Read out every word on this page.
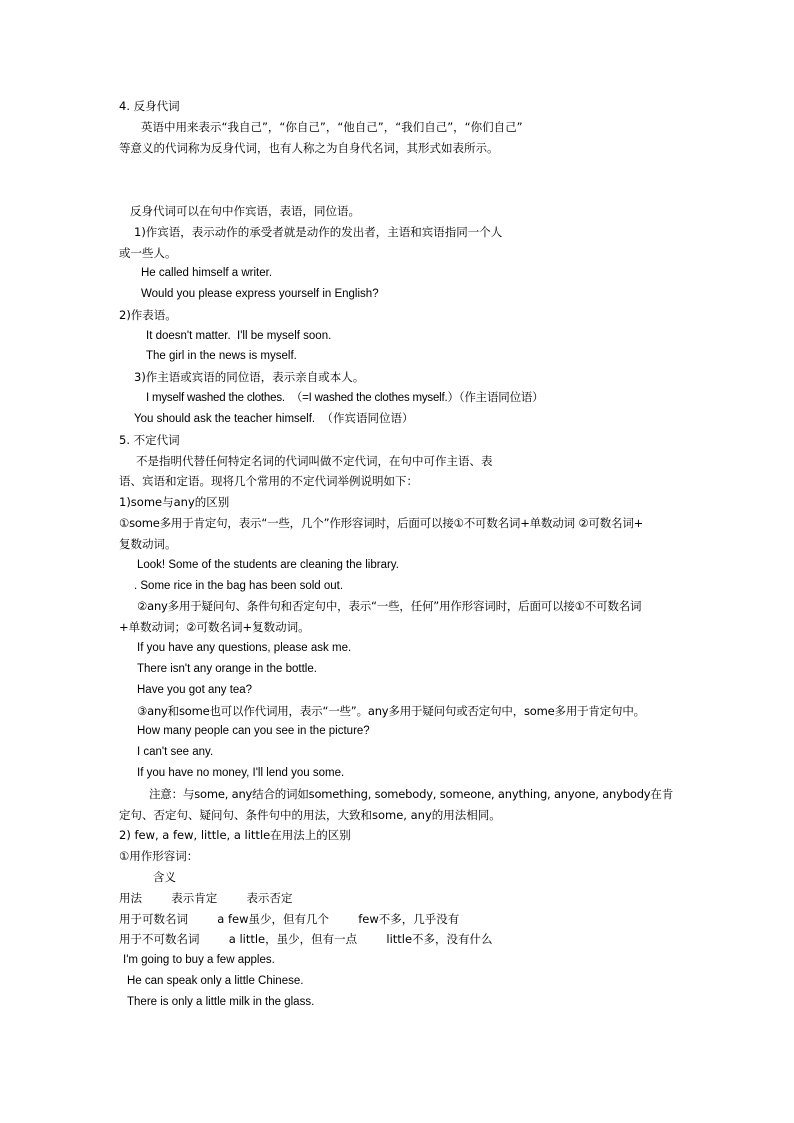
4. 反身代词
英语中用来表示“我自己”，“你自己”，“他自己”，“我们自己”，“你们自己”
等意义的代词称为反身代词，也有人称之为自身代名词，其形式如表所示。
反身代词可以在句中作宾语，表语，同位语。
1)作宾语，表示动作的承受者就是动作的发出者，主语和宾语指同一个人
或一些人。
He called himself a writer.
Would you please express yourself in English?
2)作表语。
It doesn't matter.  I'll be myself soon.
The girl in the news is myself.
3)作主语或宾语的同位语，表示亲自或本人。
I myself washed the clothes.  （=I washed the clothes myself.）（作主语同位语）
You should ask the teacher himself.  （作宾语同位语）
5. 不定代词
不是指明代替任何特定名词的代词叫做不定代词，在句中可作主语、表
语、宾语和定语。现将几个常用的不定代词举例说明如下：
1)some与any的区别
①some多用于肯定句，表示“一些，几个”作形容词时，后面可以接①不可数名词+单数动词 ②可数名词+
复数动词。
Look! Some of the students are cleaning the library.
. Some rice in the bag has been sold out.
②any多用于疑问句、条件句和否定句中，表示“一些，任何”用作形容词时，后面可以接①不可数名词
+单数动词；②可数名词+复数动词。
If you have any questions, please ask me.
There isn't any orange in the bottle.
Have you got any tea?
③any和some也可以作代词用，表示“一些”。any多用于疑问句或否定句中，some多用于肯定句中。
How many people can you see in the picture?
I can't see any.
If you have no money, I'll lend you some.
注意：与some, any结合的词如something, somebody, someone, anything, anyone, anybody在肯
定句、否定句、疑问句、条件句中的用法，大致和some, any的用法相同。
2) few, a few, little, a little在用法上的区别
①用作形容词：
含义
用法        表示肯定        表示否定
用于可数名词        a few虽少，但有几个        few不多，几乎没有
用于不可数名词        a little，虽少，但有一点        little不多，没有什么
I'm going to buy a few apples.
He can speak only a little Chinese.
There is only a little milk in the glass.
